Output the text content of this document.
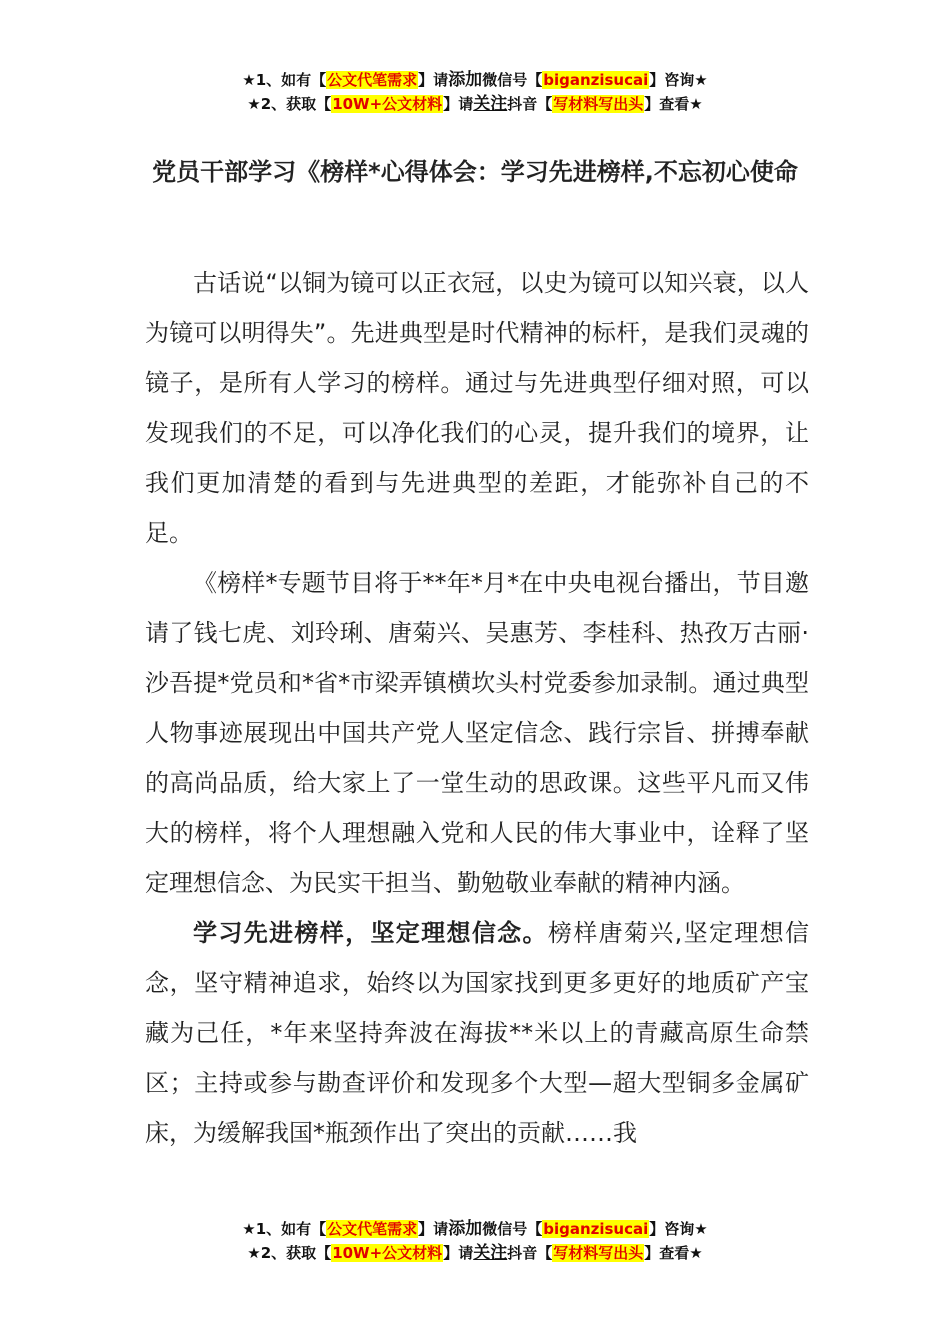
★1、如有【公文代笔需求】请添加微信号【biganzisucai】咨询★
★2、获取【10W+公文材料】请关注抖音【写材料写出头】查看★
党员干部学习《榜样*心得体会：学习先进榜样,不忘初心使命

古话说“以铜为镜可以正衣冠，以史为镜可以知兴衰，以人为镜可以明得失”。先进典型是时代精神的标杆，是我们灵魂的镜子，是所有人学习的榜样。通过与先进典型仔细对照，可以发现我们的不足，可以净化我们的心灵，提升我们的境界，让我们更加清楚的看到与先进典型的差距，才能弥补自己的不足。

《榜样*专题节目将于**年*月*在中央电视台播出，节目邀请了钱七虎、刘玲琍、唐菊兴、吴惠芳、李桂科、热孜万古丽·沙吾提*党员和*省*市梁弄镇横坎头村党委参加录制。通过典型人物事迹展现出中国共产党人坚定信念、践行宗旨、拼搏奉献的高尚品质，给大家上了一堂生动的思政课。这些平凡而又伟大的榜样，将个人理想融入党和人民的伟大事业中，诠释了坚定理想信念、为民实干担当、勤勉敬业奉献的精神内涵。

学习先进榜样，坚定理想信念。榜样唐菊兴,坚定理想信念，坚守精神追求，始终以为国家找到更多更好的地质矿产宝藏为己任，*年来坚持奔波在海拔**米以上的青藏高原生命禁区；主持或参与勘查评价和发现多个大型—超大型铜多金属矿床，为缓解我国*瓶颈作出了突出的贡献……我

★1、如有【公文代笔需求】请添加微信号【biganzisucai】咨询★
★2、获取【10W+公文材料】请关注抖音【写材料写出头】查看★
